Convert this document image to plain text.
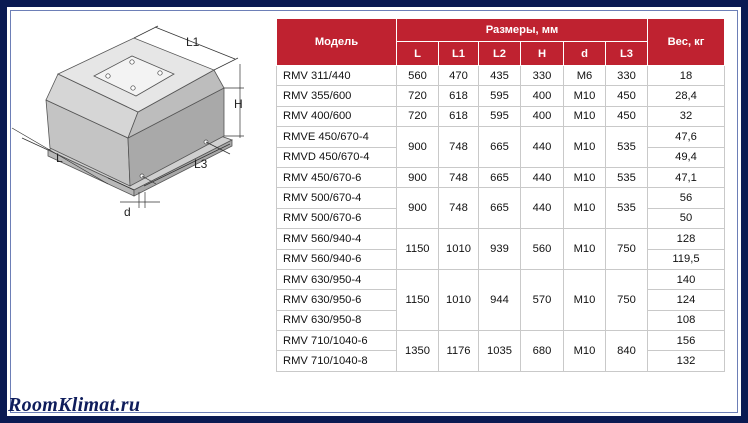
L1
H
L	L3
d
Модель	Размеры, мм						Вес, кг
	L	L1	L2	H	d	L3	
RMV 311/440	560	470	435	330	M6	330	18
RMV 355/600	720	618	595	400	M10	450	28,4
RMV 400/600	720	618	595	400	M10	450	32
RMVE 450/670-4	900	748	665	440	M10	535	47,6
RMVD 450/670-4							49,4
RMV 450/670-6	900	748	665	440	M10	535	47,1
RMV 500/670-4	900	748	665	440	M10	535	56
RMV 500/670-6							50
RMV 560/940-4	1150	1010	939	560	M10	750	128
RMV 560/940-6							119,5
RMV 630/950-4	1150	1010	944	570	M10	750	140
RMV 630/950-6							124
RMV 630/950-8							108
RMV 710/1040-6	1350	1176	1035	680	M10	840	156
RMV 710/1040-8							132
RoomKlimat.ru
